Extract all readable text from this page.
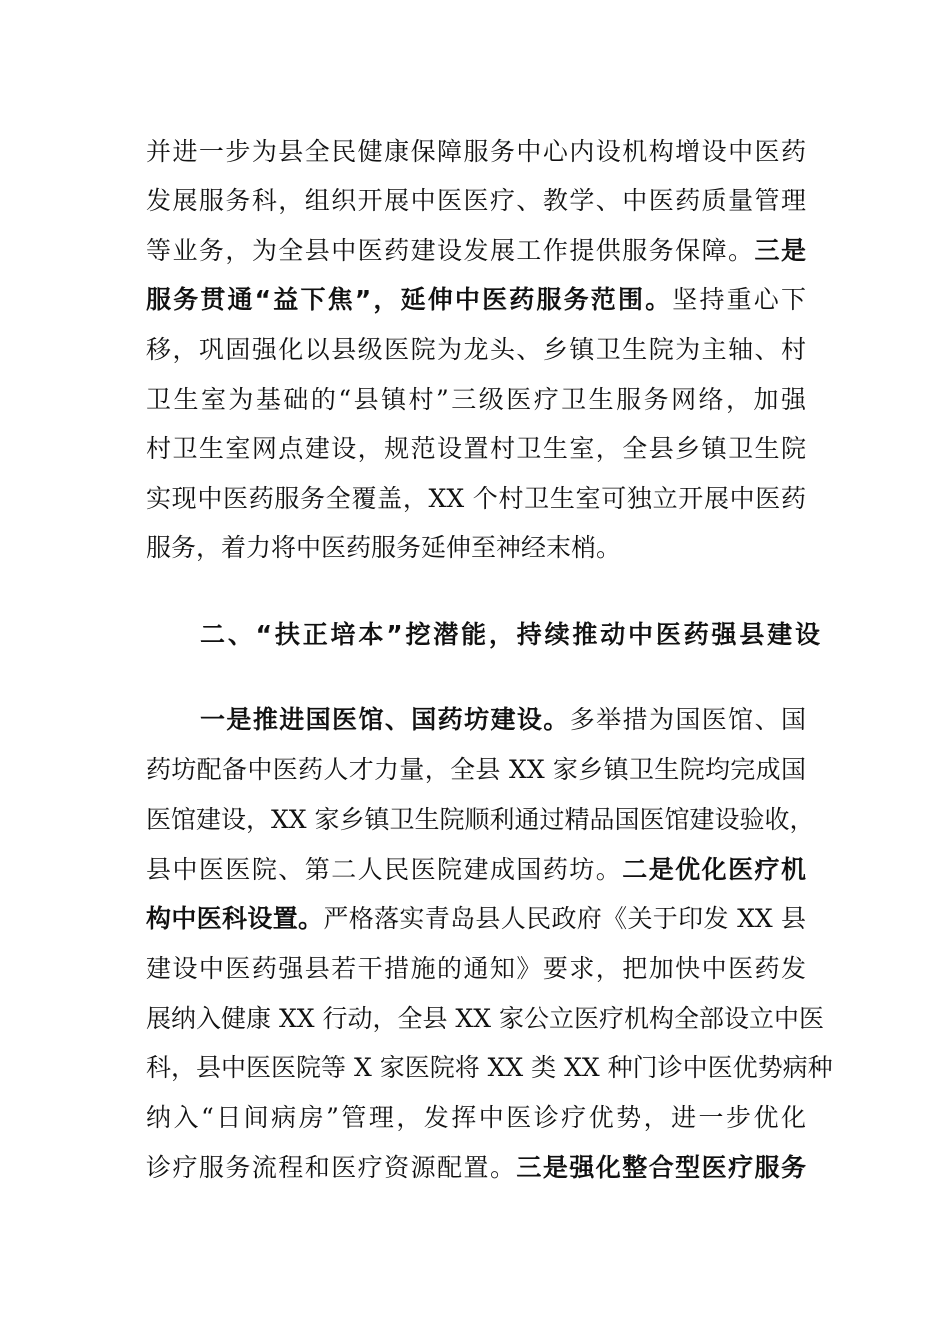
并进一步为县全民健康保障服务中心内设机构增设中医药
发展服务科，组织开展中医医疗、教学、中医药质量管理
等业务，为全县中医药建设发展工作提供服务保障。三是
服务贯通“益下焦”，延伸中医药服务范围。坚持重心下
移，巩固强化以县级医院为龙头、乡镇卫生院为主轴、村
卫生室为基础的“县镇村”三级医疗卫生服务网络，加强
村卫生室网点建设，规范设置村卫生室，全县乡镇卫生院
实现中医药服务全覆盖，XX 个村卫生室可独立开展中医药
服务，着力将中医药服务延伸至神经末梢。
二、“扶正培本”挖潜能，持续推动中医药强县建设
一是推进国医馆、国药坊建设。多举措为国医馆、国
药坊配备中医药人才力量，全县 XX 家乡镇卫生院均完成国
医馆建设，XX 家乡镇卫生院顺利通过精品国医馆建设验收，
县中医医院、第二人民医院建成国药坊。二是优化医疗机
构中医科设置。严格落实青岛县人民政府《关于印发 XX 县
建设中医药强县若干措施的通知》要求，把加快中医药发
展纳入健康 XX 行动，全县 XX 家公立医疗机构全部设立中医
科，县中医医院等 X 家医院将 XX 类 XX 种门诊中医优势病种
纳入“日间病房”管理，发挥中医诊疗优势，进一步优化
诊疗服务流程和医疗资源配置。三是强化整合型医疗服务
